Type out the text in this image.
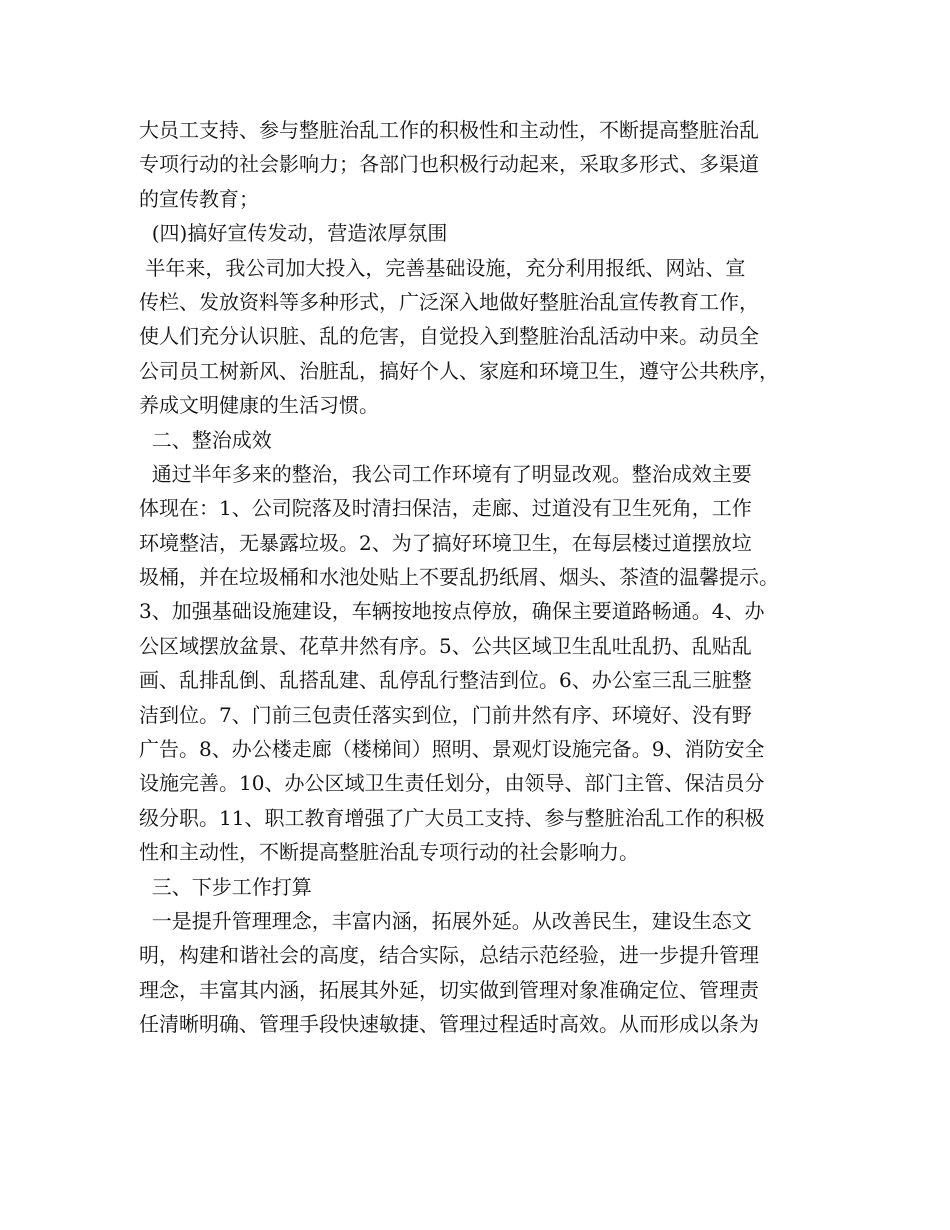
大员工支持、参与整脏治乱工作的积极性和主动性，不断提高整脏治乱
专项行动的社会影响力；各部门也积极行动起来，采取多形式、多渠道
的宣传教育；
(四)搞好宣传发动，营造浓厚氛围
半年来，我公司加大投入，完善基础设施，充分利用报纸、网站、宣
传栏、发放资料等多种形式，广泛深入地做好整脏治乱宣传教育工作，
使人们充分认识脏、乱的危害，自觉投入到整脏治乱活动中来。动员全
公司员工树新风、治脏乱，搞好个人、家庭和环境卫生，遵守公共秩序，
养成文明健康的生活习惯。
二、整治成效
通过半年多来的整治，我公司工作环境有了明显改观。整治成效主要
体现在：1、公司院落及时清扫保洁，走廊、过道没有卫生死角，工作
环境整洁，无暴露垃圾。2、为了搞好环境卫生，在每层楼过道摆放垃
圾桶，并在垃圾桶和水池处贴上不要乱扔纸屑、烟头、茶渣的温馨提示。
3、加强基础设施建设，车辆按地按点停放，确保主要道路畅通。4、办
公区域摆放盆景、花草井然有序。5、公共区域卫生乱吐乱扔、乱贴乱
画、乱排乱倒、乱搭乱建、乱停乱行整洁到位。6、办公室三乱三脏整
洁到位。7、门前三包责任落实到位，门前井然有序、环境好、没有野
广告。8、办公楼走廊（楼梯间）照明、景观灯设施完备。9、消防安全
设施完善。10、办公区域卫生责任划分，由领导、部门主管、保洁员分
级分职。11、职工教育增强了广大员工支持、参与整脏治乱工作的积极
性和主动性，不断提高整脏治乱专项行动的社会影响力。
三、下步工作打算
一是提升管理理念，丰富内涵，拓展外延。从改善民生，建设生态文
明，构建和谐社会的高度，结合实际，总结示范经验，进一步提升管理
理念，丰富其内涵，拓展其外延，切实做到管理对象准确定位、管理责
任清晰明确、管理手段快速敏捷、管理过程适时高效。从而形成以条为
